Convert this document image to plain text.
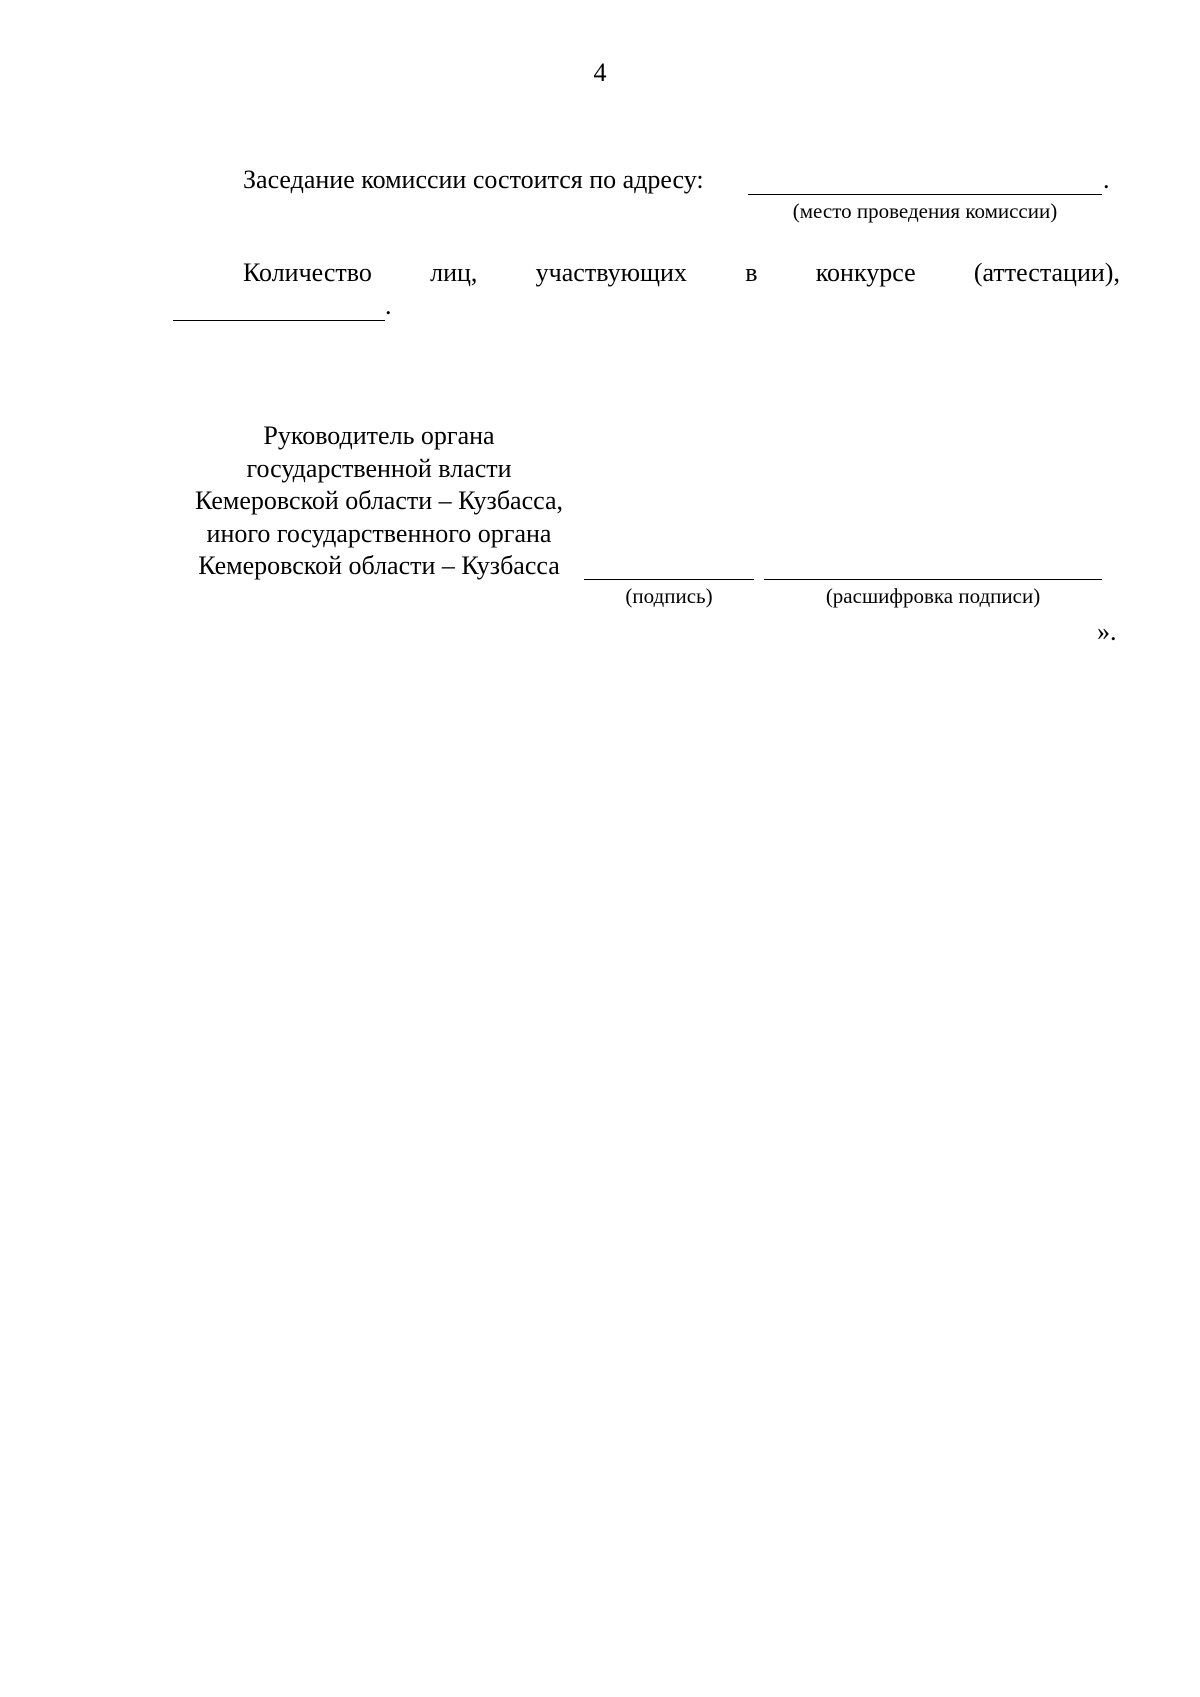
4
Заседание комиссии состоится по адресу:	.
(место проведения комиссии)
Количество лиц, участвующих в конкурсе (аттестации),
.
Руководитель органа
государственной власти
Кемеровской области – Кузбасса,
иного государственного органа
Кемеровской области – Кузбасса
(подпись)	(расшифровка подписи)
».
